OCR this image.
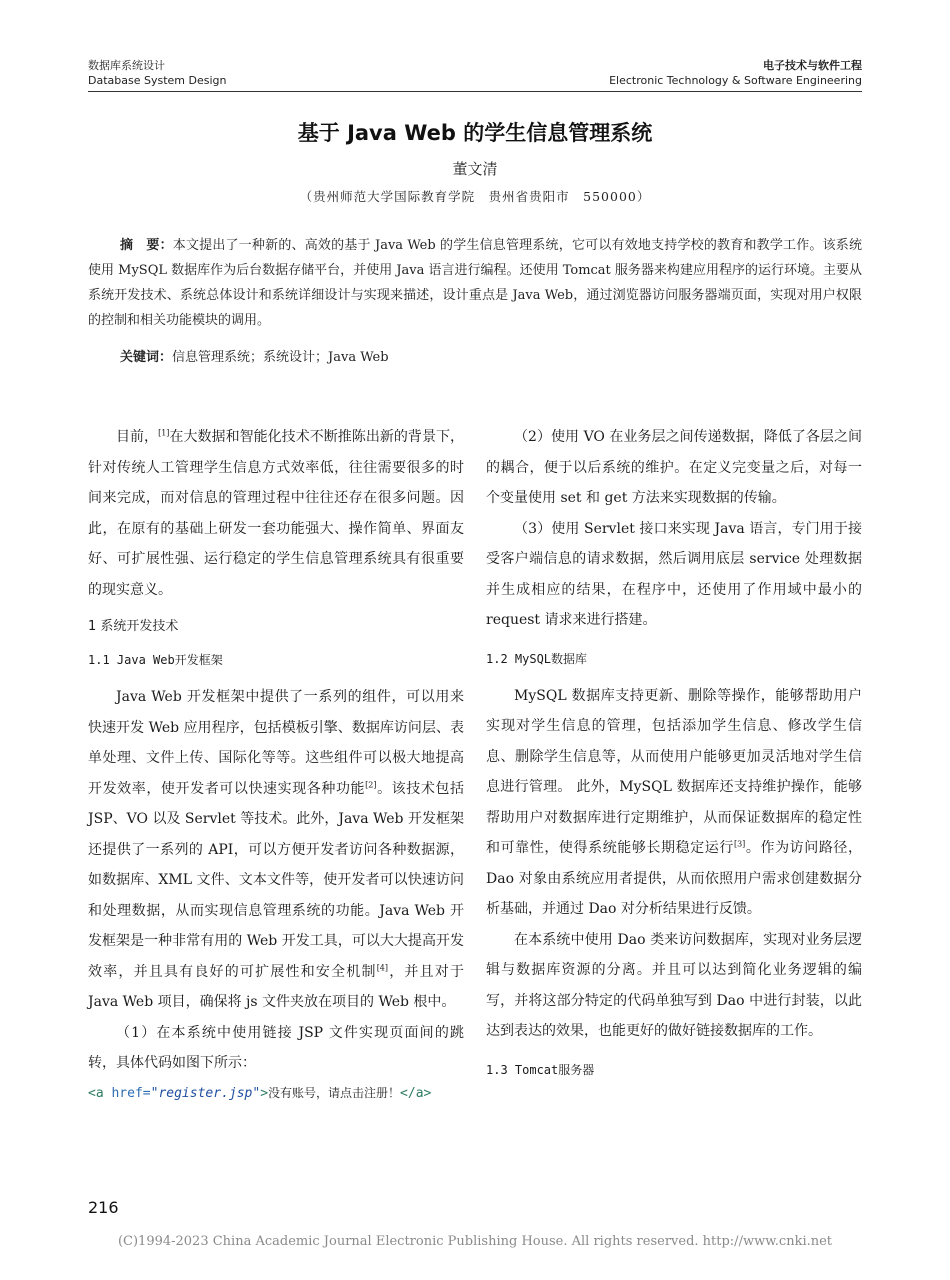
数据库系统设计
Database System Design
电子技术与软件工程
Electronic Technology & Software Engineering
基于 Java Web 的学生信息管理系统
董文清
（贵州师范大学国际教育学院　贵州省贵阳市　550000）
摘　要：本文提出了一种新的、高效的基于 Java Web 的学生信息管理系统，它可以有效地支持学校的教育和教学工作。该系统使用 MySQL 数据库作为后台数据存储平台，并使用 Java 语言进行编程。还使用 Tomcat 服务器来构建应用程序的运行环境。主要从系统开发技术、系统总体设计和系统详细设计与实现来描述，设计重点是 Java Web，通过浏览器访问服务器端页面，实现对用户权限的控制和相关功能模块的调用。
关键词：信息管理系统；系统设计；Java Web

目前，[1]在大数据和智能化技术不断推陈出新的背景下，针对传统人工管理学生信息方式效率低，往往需要很多的时间来完成，而对信息的管理过程中往往还存在很多问题。因此，在原有的基础上研发一套功能强大、操作简单、界面友好、可扩展性强、运行稳定的学生信息管理系统具有很重要的现实意义。

1 系统开发技术
1.1 Java Web开发框架

Java Web 开发框架中提供了一系列的组件，可以用来快速开发 Web 应用程序，包括模板引擎、数据库访问层、表单处理、文件上传、国际化等等。这些组件可以极大地提高开发效率，使开发者可以快速实现各种功能[2]。该技术包括 JSP、VO 以及 Servlet 等技术。此外，Java Web 开发框架还提供了一系列的 API，可以方便开发者访问各种数据源，如数据库、XML 文件、文本文件等，使开发者可以快速访问和处理数据，从而实现信息管理系统的功能。Java Web 开发框架是一种非常有用的 Web 开发工具，可以大大提高开发效率，并且具有良好的可扩展性和安全机制[4]，并且对于 Java Web 项目，确保将 js 文件夹放在项目的 Web 根中。

（1）在本系统中使用链接 JSP 文件实现页面间的跳转，具体代码如图下所示：

<a href="register.jsp">没有账号，请点击注册！</a>

（2）使用 VO 在业务层之间传递数据，降低了各层之间的耦合，便于以后系统的维护。在定义完变量之后，对每一个变量使用 set 和 get 方法来实现数据的传输。

（3）使用 Servlet 接口来实现 Java 语言，专门用于接受客户端信息的请求数据，然后调用底层 service 处理数据并生成相应的结果，在程序中，还使用了作用域中最小的 request 请求来进行搭建。

1.2 MySQL数据库

MySQL 数据库支持更新、删除等操作，能够帮助用户实现对学生信息的管理，包括添加学生信息、修改学生信息、删除学生信息等，从而使用户能够更加灵活地对学生信息进行管理。 此外，MySQL 数据库还支持维护操作，能够帮助用户对数据库进行定期维护，从而保证数据库的稳定性和可靠性，使得系统能够长期稳定运行[3]。作为访问路径，Dao 对象由系统应用者提供，从而依照用户需求创建数据分析基础，并通过 Dao 对分析结果进行反馈。

在本系统中使用 Dao 类来访问数据库，实现对业务层逻辑与数据库资源的分离。并且可以达到简化业务逻辑的编写，并将这部分特定的代码单独写到 Dao 中进行封装，以此达到表达的效果，也能更好的做好链接数据库的工作。

1.3 Tomcat服务器
216
(C)1994-2023 China Academic Journal Electronic Publishing House. All rights reserved. http://www.cnki.net
